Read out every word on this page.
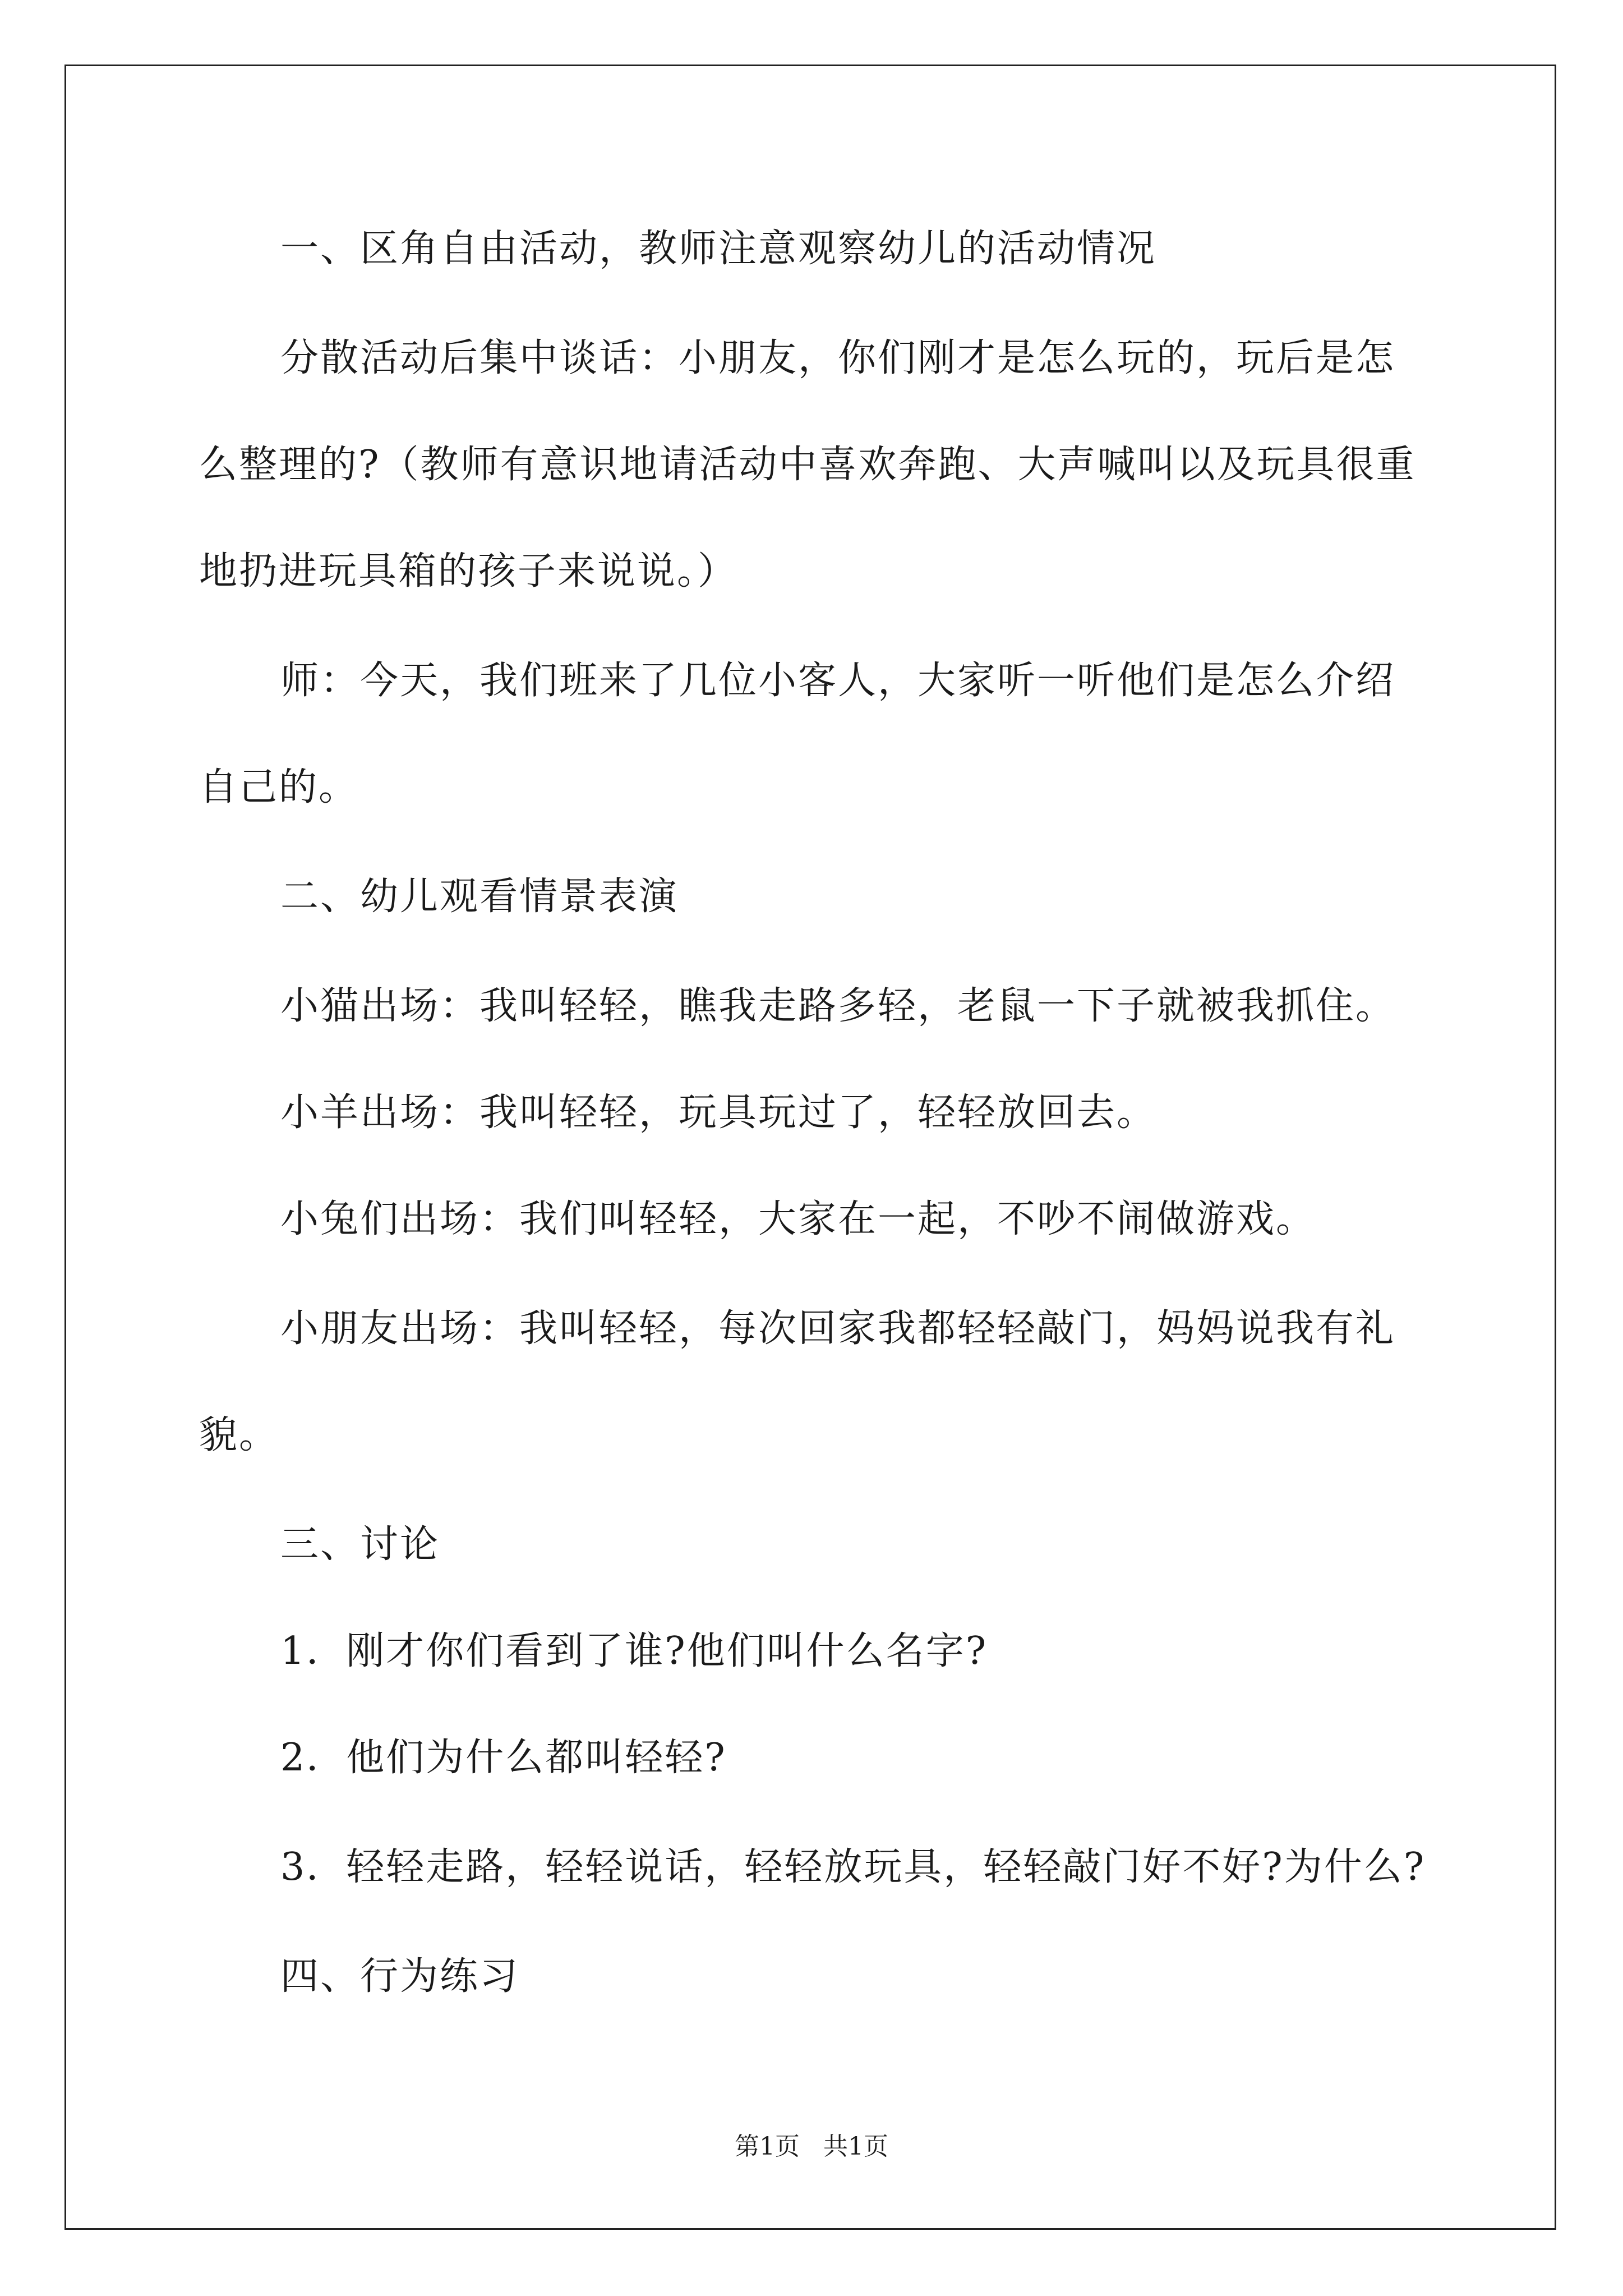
一、区角自由活动，教师注意观察幼儿的活动情况
分散活动后集中谈话：小朋友，你们刚才是怎么玩的，玩后是怎
么整理的?（教师有意识地请活动中喜欢奔跑、大声喊叫以及玩具很重
地扔进玩具箱的孩子来说说。）
师：今天，我们班来了几位小客人，大家听一听他们是怎么介绍
自己的。
二、幼儿观看情景表演
小猫出场：我叫轻轻，瞧我走路多轻，老鼠一下子就被我抓住。
小羊出场：我叫轻轻，玩具玩过了，轻轻放回去。
小兔们出场：我们叫轻轻，大家在一起，不吵不闹做游戏。
小朋友出场：我叫轻轻，每次回家我都轻轻敲门，妈妈说我有礼
貌。
三、讨论
1．刚才你们看到了谁?他们叫什么名字?
2．他们为什么都叫轻轻?
3．轻轻走路，轻轻说话，轻轻放玩具，轻轻敲门好不好?为什么?
四、行为练习
第1页 共1页
